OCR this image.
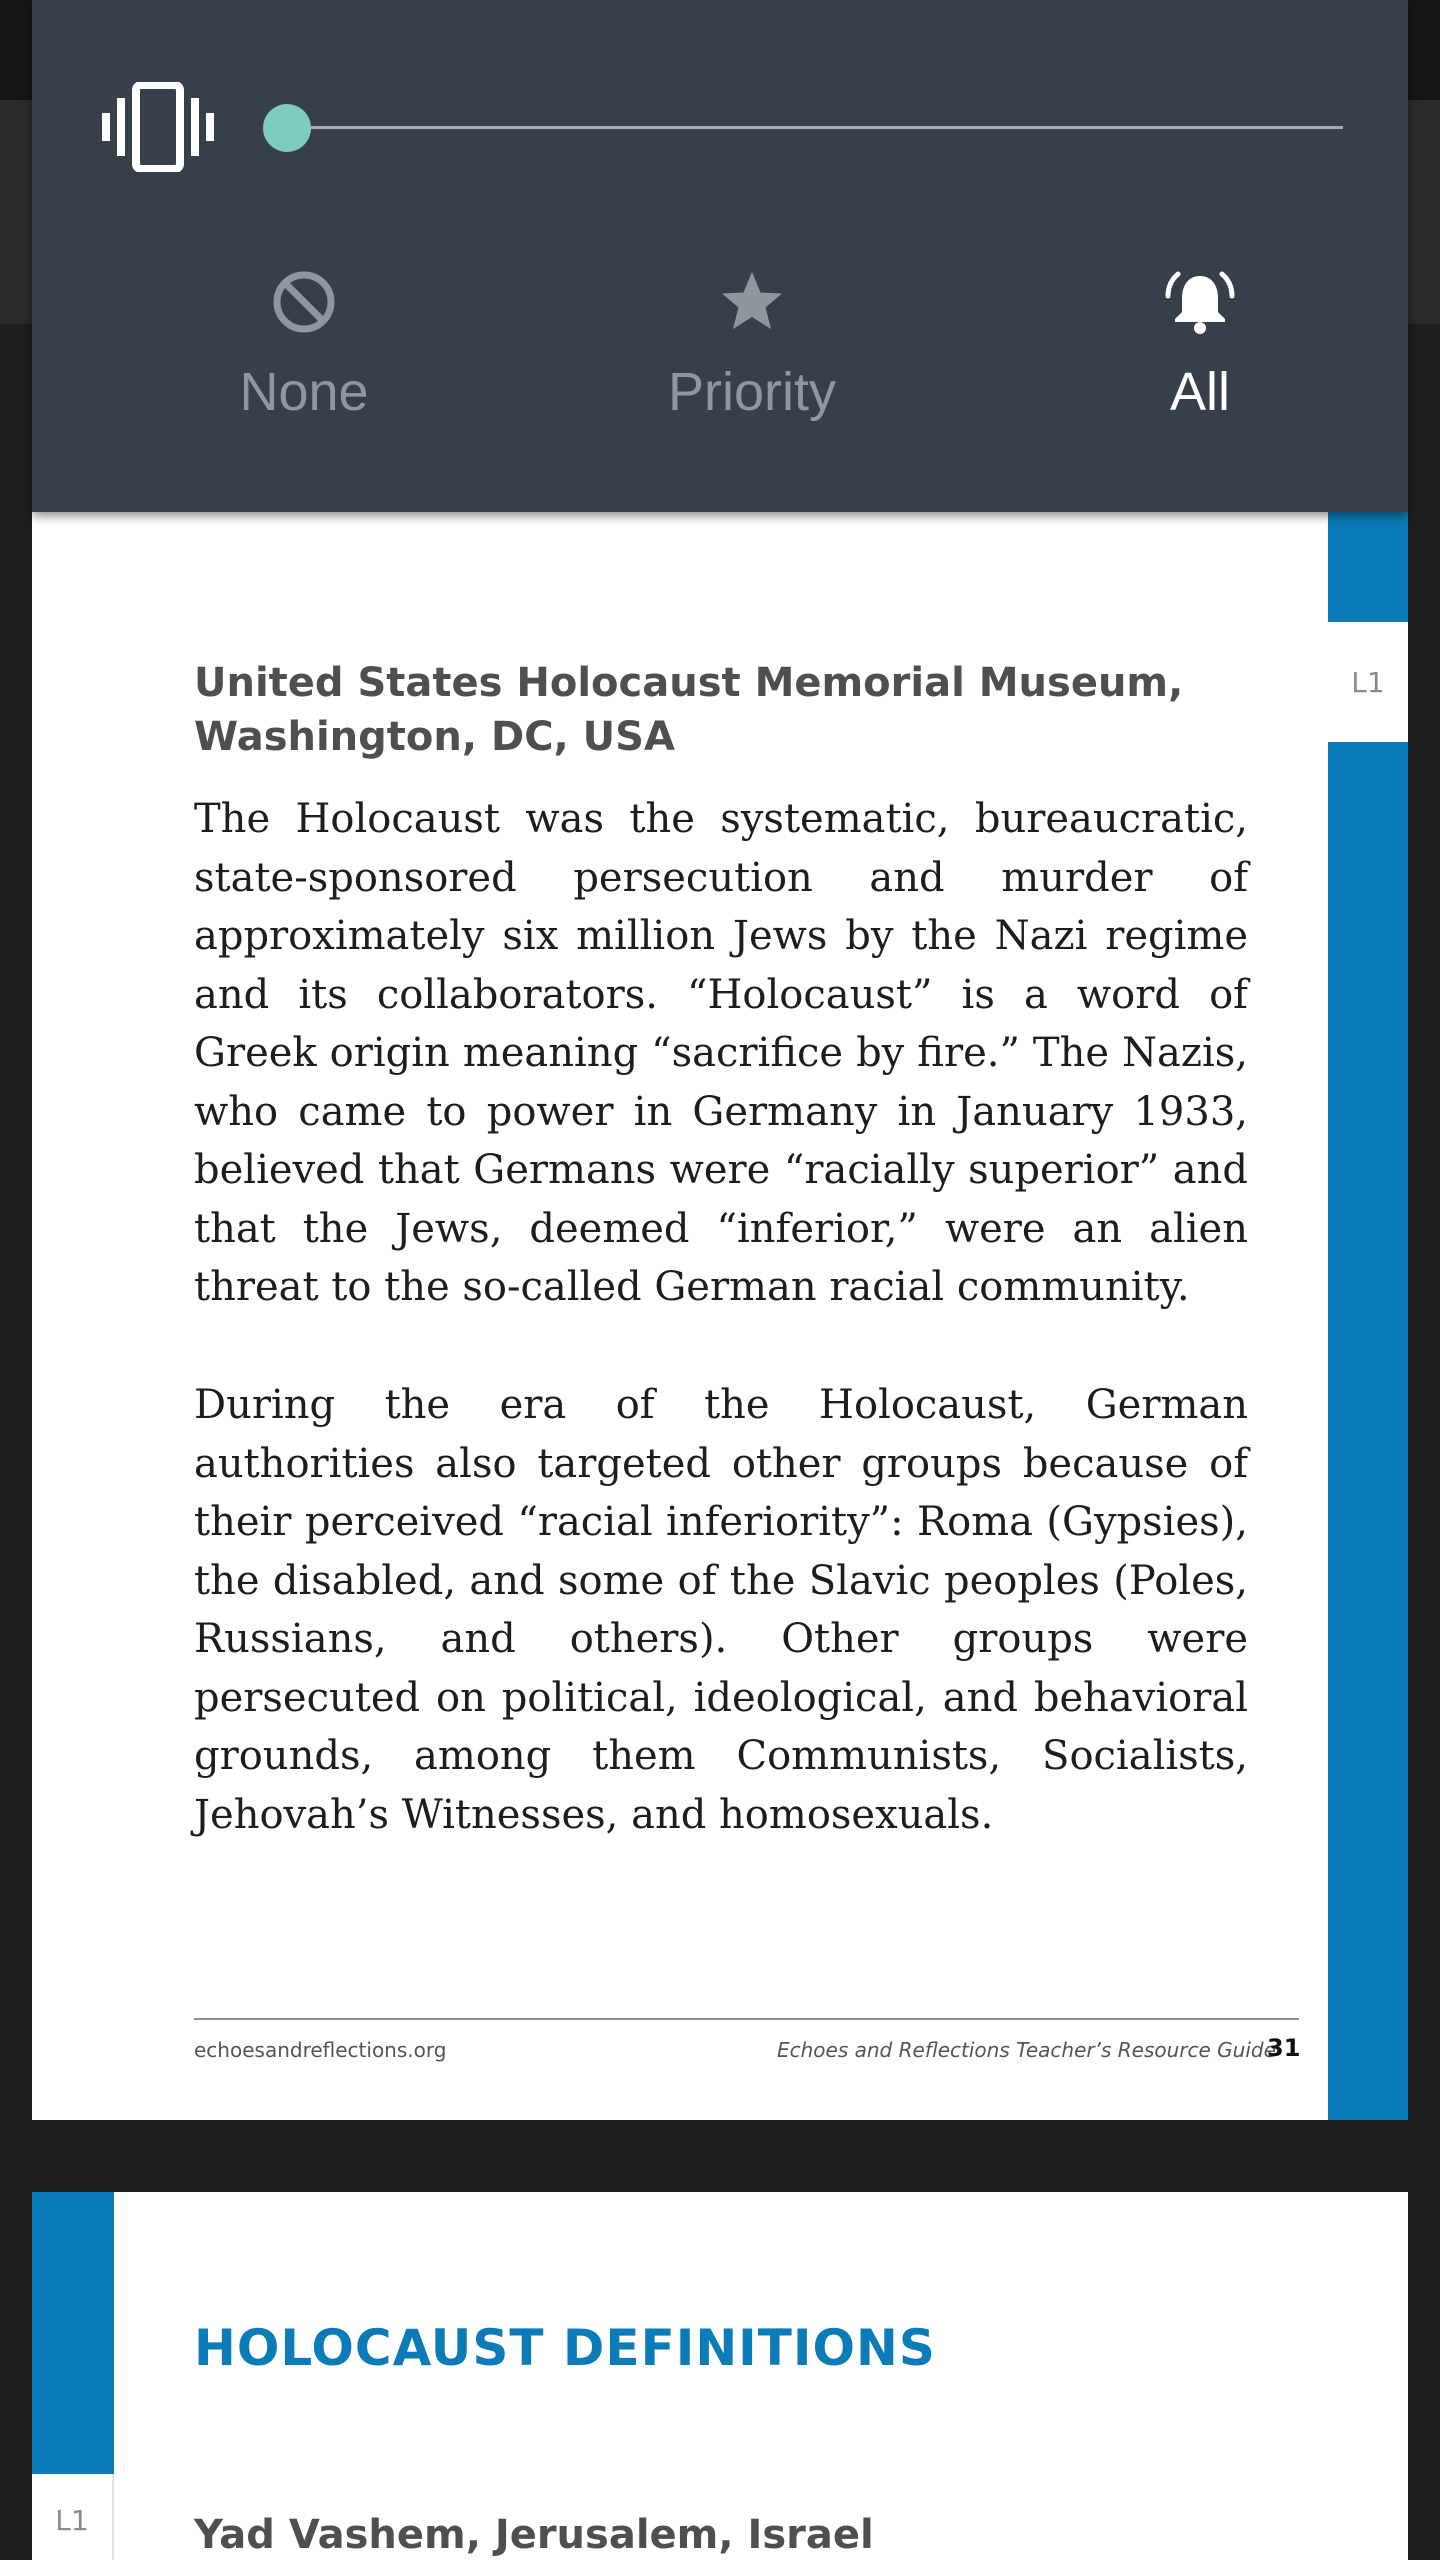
L1
United States Holocaust Memorial Museum, Washington, DC, USA

The Holocaust was the systematic, bureaucratic, state-sponsored persecution and murder of approximately six million Jews by the Nazi regime and its collaborators. “Holocaust” is a word of Greek origin meaning “sacrifice by fire.” The Nazis, who came to power in Germany in January 1933, believed that Germans were “racially superior” and that the Jews, deemed “inferior,” were an alien threat to the so-called German racial community.

During the era of the Holocaust, German authorities also targeted other groups because of their perceived “racial inferiority”: Roma (Gypsies), the disabled, and some of the Slavic peoples (Poles, Russians, and others). Other groups were persecuted on political, ideological, and behavioral grounds, among them Communists, Socialists, Jehovah’s Witnesses, and homosexuals.

echoesandreflections.org	Echoes and Reflections Teacher’s Resource Guide
31
L1
HOLOCAUST DEFINITIONS
Yad Vashem, Jerusalem, Israel
None	Priority	All
